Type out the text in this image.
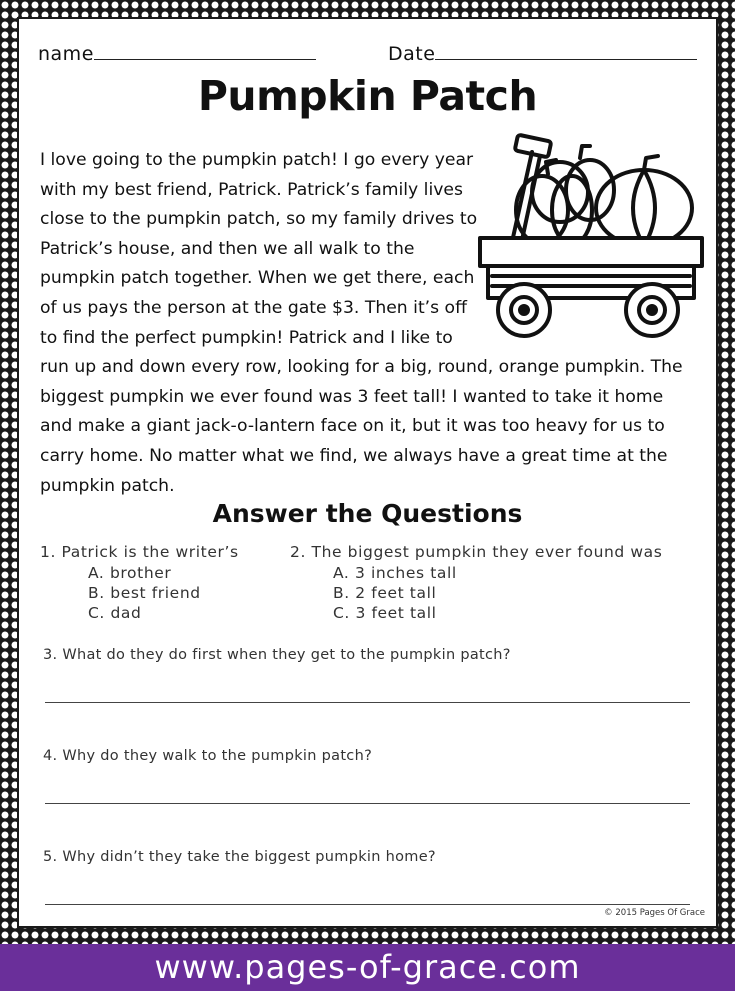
name	Date
Pumpkin Patch
I love going to the pumpkin patch! I go every year with my best friend, Patrick. Patrick’s family lives close to the pumpkin patch, so my family drives to Patrick’s house, and then we all walk to the pumpkin patch together. When we get there, each of us pays the person at the gate $3. Then it’s off to find the perfect pumpkin! Patrick and I like to run up and down every row, looking for a big, round, orange pumpkin. The biggest pumpkin we ever found was 3 feet tall! I wanted to take it home and make a giant jack-o-lantern face on it, but it was too heavy for us to carry home. No matter what we find, we always have a great time at the pumpkin patch.
Answer the Questions
1. Patrick is the writer’s
A. brother
B. best friend
C. dad
2. The biggest pumpkin they ever found was
A. 3 inches tall
B. 2 feet tall
C. 3 feet tall
3. What do they do first when they get to the pumpkin patch?
4. Why do they walk to the pumpkin patch?
5. Why didn’t they take the biggest pumpkin home?
© 2015 Pages Of Grace
www.pages-of-grace.com
